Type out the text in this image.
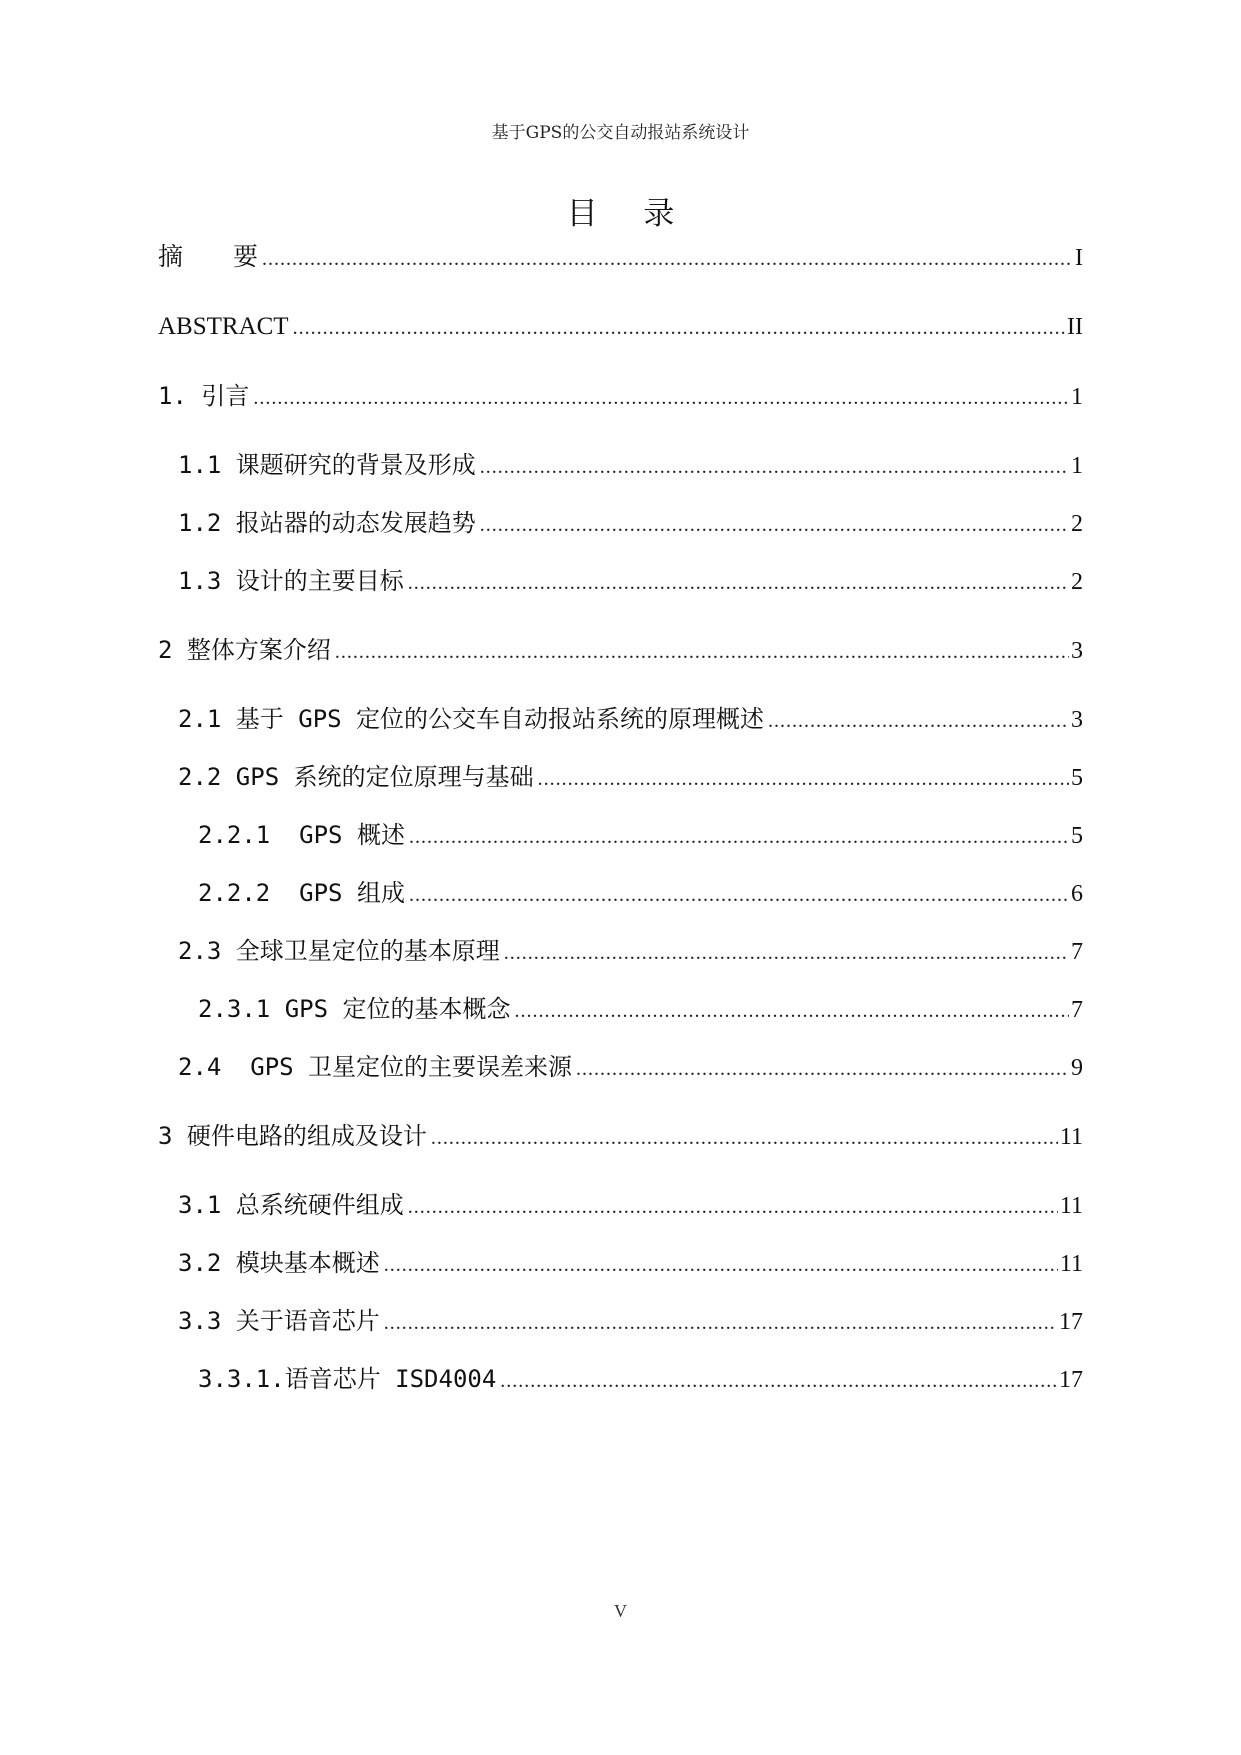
基于GPS的公交自动报站系统设计
目 录
摘        要 .....	I
ABSTRACT .....	II
1. 引言 .....	1
1.1 课题研究的背景及形成 .....	1
1.2 报站器的动态发展趋势 .....	2
1.3 设计的主要目标 .....	2
2 整体方案介绍 .....	3
2.1 基于 GPS 定位的公交车自动报站系统的原理概述 .....	3
2.2 GPS 系统的定位原理与基础 .....	5
2.2.1  GPS 概述 .....	5
2.2.2  GPS 组成 .....	6
2.3 全球卫星定位的基本原理 .....	7
2.3.1 GPS 定位的基本概念 .....	7
2.4  GPS 卫星定位的主要误差来源 .....	9
3 硬件电路的组成及设计 .....	11
3.1 总系统硬件组成 .....	11
3.2 模块基本概述 .....	11
3.3 关于语音芯片 .....	17
3.3.1.语音芯片 ISD4004 .....	17
V
